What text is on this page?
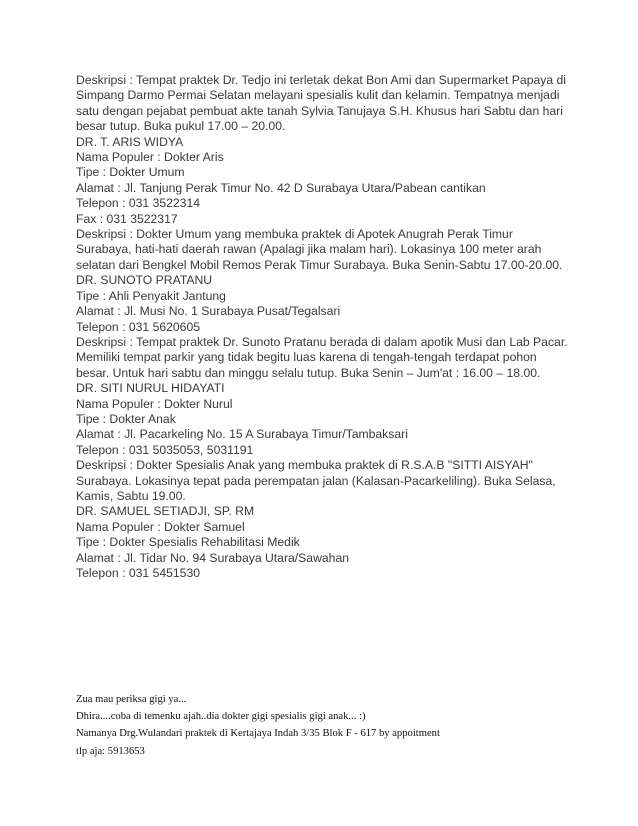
Deskripsi : Tempat praktek Dr. Tedjo ini terletak dekat Bon Ami dan Supermarket Papaya di
Simpang Darmo Permai Selatan melayani spesialis kulit dan kelamin. Tempatnya menjadi
satu dengan pejabat pembuat akte tanah Sylvia Tanujaya S.H. Khusus hari Sabtu dan hari
besar tutup. Buka pukul 17.00 – 20.00.
DR. T. ARIS WIDYA
Nama Populer : Dokter Aris
Tipe : Dokter Umum
Alamat : Jl. Tanjung Perak Timur No. 42 D Surabaya Utara/Pabean cantikan
Telepon : 031 3522314
Fax : 031 3522317
Deskripsi : Dokter Umum yang membuka praktek di Apotek Anugrah Perak Timur
Surabaya, hati-hati daerah rawan (Apalagi jika malam hari). Lokasinya 100 meter arah
selatan dari Bengkel Mobil Remos Perak Timur Surabaya. Buka Senin-Sabtu 17.00-20.00.
DR. SUNOTO PRATANU
Tipe : Ahli Penyakit Jantung
Alamat : Jl. Musi No. 1 Surabaya Pusat/Tegalsari
Telepon : 031 5620605
Deskripsi : Tempat praktek Dr. Sunoto Pratanu berada di dalam apotik Musi dan Lab Pacar.
Memiliki tempat parkir yang tidak begitu luas karena di tengah-tengah terdapat pohon
besar. Untuk hari sabtu dan minggu selalu tutup. Buka Senin – Jum'at : 16.00 – 18.00.
DR. SITI NURUL HIDAYATI
Nama Populer : Dokter Nurul
Tipe : Dokter Anak
Alamat : Jl. Pacarkeling No. 15 A Surabaya Timur/Tambaksari
Telepon : 031 5035053, 5031191
Deskripsi : Dokter Spesialis Anak yang membuka praktek di R.S.A.B "SITTI AISYAH"
Surabaya. Lokasinya tepat pada perempatan jalan (Kalasan-Pacarkeliling). Buka Selasa,
Kamis, Sabtu 19.00.
DR. SAMUEL SETIADJI, SP. RM
Nama Populer : Dokter Samuel
Tipe : Dokter Spesialis Rehabilitasi Medik
Alamat : Jl. Tidar No. 94 Surabaya Utara/Sawahan
Telepon : 031 5451530
Zua mau periksa gigi ya...
Dhira....coba di temenku ajah..dia dokter gigi spesialis gigi anak... :)
Namanya Drg.Wulandari praktek di Kertajaya Indah 3/35 Blok F - 617 by appoitment
tlp aja: 5913653
